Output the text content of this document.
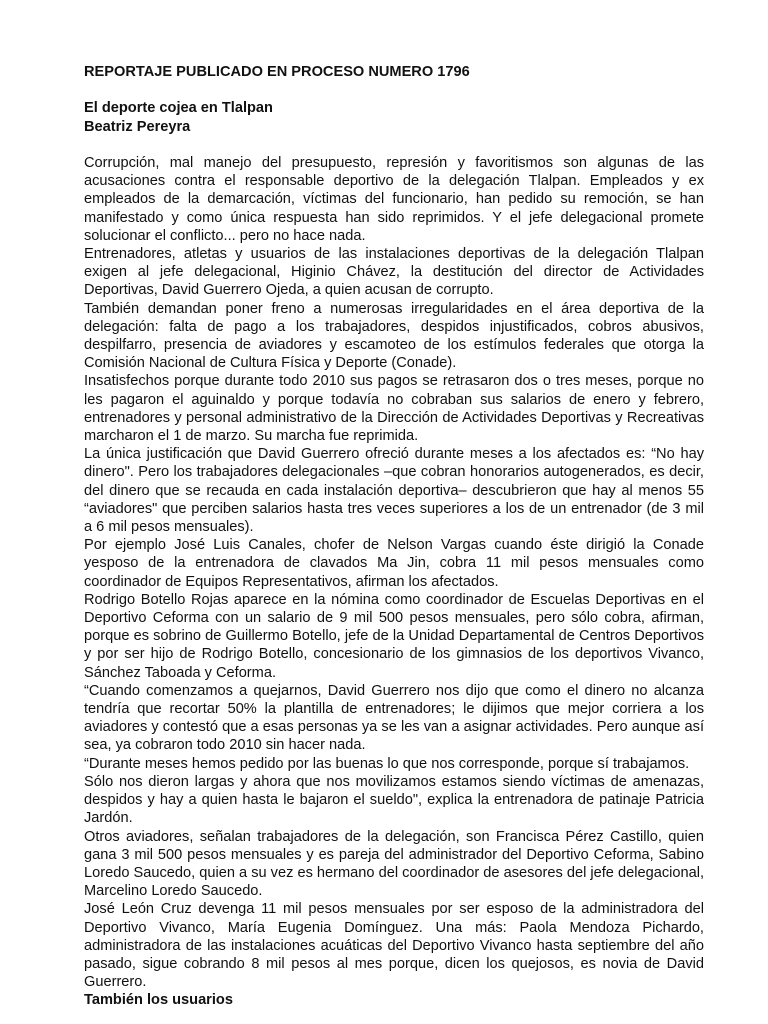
REPORTAJE PUBLICADO EN PROCESO NUMERO 1796

El deporte cojea en Tlalpan

Beatriz Pereyra

Corrupción, mal manejo del presupuesto, represión y favoritismos son algunas de las acusaciones contra el responsable deportivo de la delegación Tlalpan. Empleados y ex empleados de la demarcación, víctimas del funcionario, han pedido su remoción, se han manifestado y como única respuesta han sido reprimidos. Y el jefe delegacional promete solucionar el conflicto... pero no hace nada.

Entrenadores, atletas y usuarios de las instalaciones deportivas de la delegación Tlalpan exigen al jefe delegacional, Higinio Chávez, la destitución del director de Actividades Deportivas, David Guerrero Ojeda, a quien acusan de corrupto.

También demandan poner freno a numerosas irregularidades en el área deportiva de la delegación: falta de pago a los trabajadores, despidos injustificados, cobros abusivos, despilfarro, presencia de aviadores y escamoteo de los estímulos federales que otorga la Comisión Nacional de Cultura Física y Deporte (Conade).

Insatisfechos porque durante todo 2010 sus pagos se retrasaron dos o tres meses, porque no les pagaron el aguinaldo y porque todavía no cobraban sus salarios de enero y febrero, entrenadores y personal administrativo de la Dirección de Actividades Deportivas y Recreativas marcharon el 1 de marzo. Su marcha fue reprimida.

La única justificación que David Guerrero ofreció durante meses a los afectados es: “No hay dinero". Pero los trabajadores delegacionales –que cobran honorarios autogenerados, es decir, del dinero que se recauda en cada instalación deportiva– descubrieron que hay al menos 55 “aviadores" que perciben salarios hasta tres veces superiores a los de un entrenador (de 3 mil a 6 mil pesos mensuales).

Por ejemplo José Luis Canales, chofer de Nelson Vargas cuando éste dirigió la Conade yesposo de la entrenadora de clavados Ma Jin, cobra 11 mil pesos mensuales como coordinador de Equipos Representativos, afirman los afectados.

Rodrigo Botello Rojas aparece en la nómina como coordinador de Escuelas Deportivas en el Deportivo Ceforma con un salario de 9 mil 500 pesos mensuales, pero sólo cobra, afirman, porque es sobrino de Guillermo Botello, jefe de la Unidad Departamental de Centros Deportivos y por ser hijo de Rodrigo Botello, concesionario de los gimnasios de los deportivos Vivanco, Sánchez Taboada y Ceforma.

“Cuando comenzamos a quejarnos, David Guerrero nos dijo que como el dinero no alcanza tendría que recortar 50% la plantilla de entrenadores; le dijimos que mejor corriera a los aviadores y contestó que a esas personas ya se les van a asignar actividades. Pero aunque así sea, ya cobraron todo 2010 sin hacer nada.

“Durante meses hemos pedido por las buenas lo que nos corresponde, porque sí trabajamos.

Sólo nos dieron largas y ahora que nos movilizamos estamos siendo víctimas de amenazas, despidos y hay a quien hasta le bajaron el sueldo", explica la entrenadora de patinaje Patricia Jardón.

Otros aviadores, señalan trabajadores de la delegación, son Francisca Pérez Castillo, quien gana 3 mil 500 pesos mensuales y es pareja del administrador del Deportivo Ceforma, Sabino Loredo Saucedo, quien a su vez es hermano del coordinador de asesores del jefe delegacional, Marcelino Loredo Saucedo.

José León Cruz devenga 11 mil pesos mensuales por ser esposo de la administradora del Deportivo Vivanco, María Eugenia Domínguez. Una más: Paola Mendoza Pichardo, administradora de las instalaciones acuáticas del Deportivo Vivanco hasta septiembre del año pasado, sigue cobrando 8 mil pesos al mes porque, dicen los quejosos, es novia de David Guerrero.

También los usuarios
